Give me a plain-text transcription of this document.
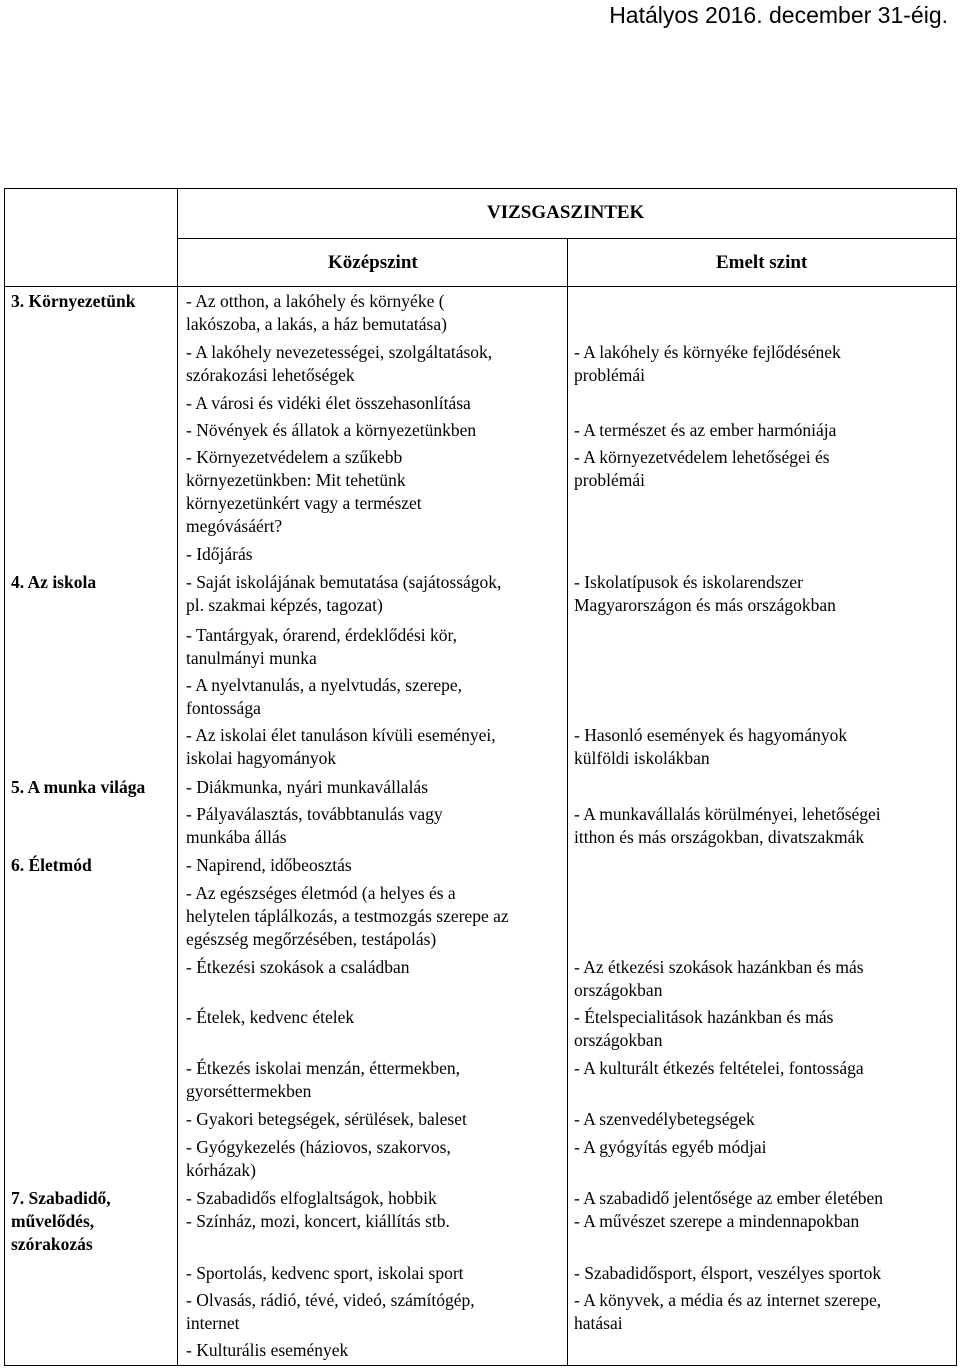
Hatályos 2016. december 31-éig.
VIZSGASZINTEK
Középszint	Emelt szint
3. Környezetünk
4. Az iskola
5. A munka világa
6. Életmód
7. Szabadidő,
művelődés,
szórakozás
- Az otthon, a lakóhely és környéke (
lakószoba, a lakás, a ház bemutatása)
- A lakóhely nevezetességei, szolgáltatások,
szórakozási lehetőségek
- A városi és vidéki élet összehasonlítása
- Növények és állatok a környezetünkben
- Környezetvédelem a szűkebb
környezetünkben: Mit tehetünk
környezetünkért vagy a természet
megóvásáért?
- Időjárás
- Saját iskolájának bemutatása (sajátosságok,
pl. szakmai képzés, tagozat)
- Tantárgyak, órarend, érdeklődési kör,
tanulmányi munka
- A nyelvtanulás, a nyelvtudás, szerepe,
fontossága
- Az iskolai élet tanuláson kívüli eseményei,
iskolai hagyományok
- Diákmunka, nyári munkavállalás
- Pályaválasztás, továbbtanulás vagy
munkába állás
- Napirend, időbeosztás
- Az egészséges életmód (a helyes és a
helytelen táplálkozás, a testmozgás szerepe az
egészség megőrzésében, testápolás)
- Étkezési szokások a családban
- Ételek, kedvenc ételek
- Étkezés iskolai menzán, éttermekben,
gyorséttermekben
- Gyakori betegségek, sérülések, baleset
- Gyógykezelés (háziovos, szakorvos,
kórházak)
- Szabadidős elfoglaltságok, hobbik
- Színház, mozi, koncert, kiállítás stb.
- Sportolás, kedvenc sport, iskolai sport
- Olvasás, rádió, tévé, videó, számítógép,
internet
- Kulturális események
- A lakóhely és környéke fejlődésének
problémái
- A természet és az ember harmóniája
- A környezetvédelem lehetőségei és
problémái
- Iskolatípusok és iskolarendszer
Magyarországon és más országokban
- Hasonló események és hagyományok
külföldi iskolákban
- A munkavállalás körülményei, lehetőségei
itthon és más országokban, divatszakmák
- Az étkezési szokások hazánkban és más
országokban
- Ételspecialitások hazánkban és más
országokban
- A kulturált étkezés feltételei, fontossága
- A szenvedélybetegségek
- A gyógyítás egyéb módjai
- A szabadidő jelentősége az ember életében
- A művészet szerepe a mindennapokban
- Szabadidősport, élsport, veszélyes sportok
- A könyvek, a média és az internet szerepe,
hatásai
